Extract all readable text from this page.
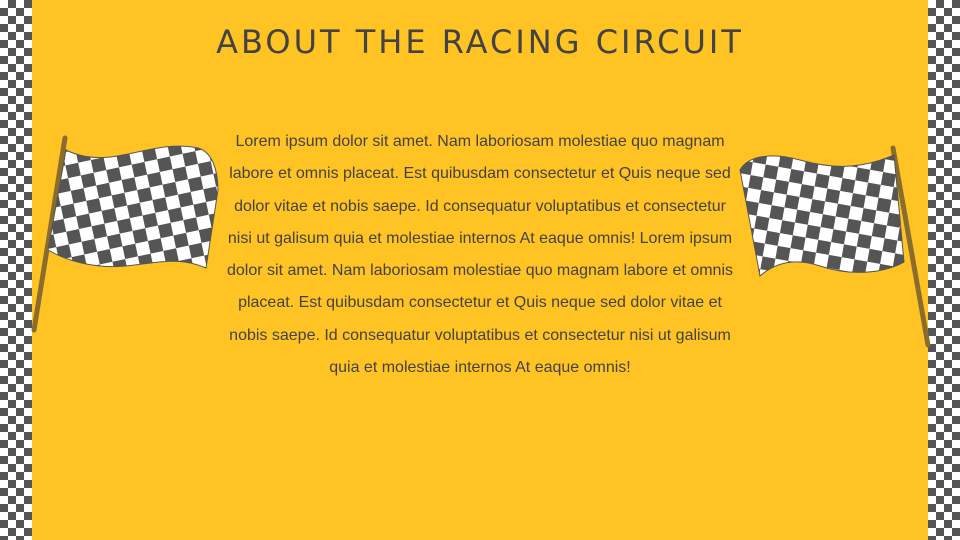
ABOUT THE RACING CIRCUIT

Lorem ipsum dolor sit amet. Nam laboriosam molestiae quo magnam labore et omnis placeat. Est quibusdam consectetur et Quis neque sed dolor vitae et nobis saepe. Id consequatur voluptatibus et consectetur nisi ut galisum quia et molestiae internos At eaque omnis! Lorem ipsum dolor sit amet. Nam laboriosam molestiae quo magnam labore et omnis placeat. Est quibusdam consectetur et Quis neque sed dolor vitae et nobis saepe. Id consequatur voluptatibus et consectetur nisi ut galisum quia et molestiae internos At eaque omnis!
